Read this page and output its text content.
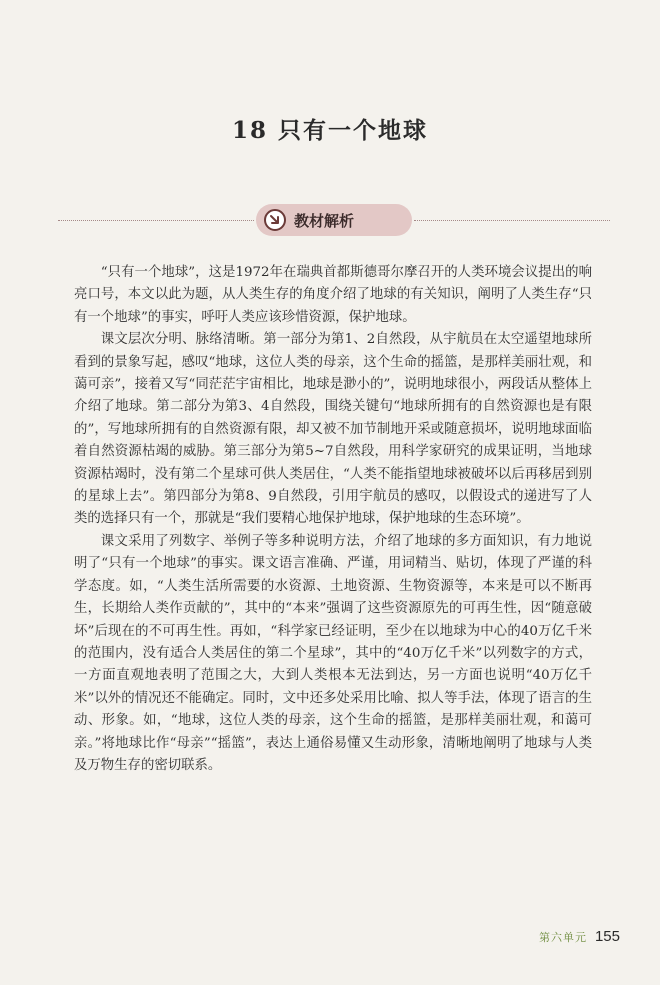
18 只有一个地球
教材解析

“只有一个地球”，这是1972年在瑞典首都斯德哥尔摩召开的人类环境会议提出的响亮口号，本文以此为题，从人类生存的角度介绍了地球的有关知识，阐明了人类生存“只有一个地球”的事实，呼吁人类应该珍惜资源，保护地球。

课文层次分明、脉络清晰。第一部分为第1、2自然段，从宇航员在太空遥望地球所看到的景象写起，感叹“地球，这位人类的母亲，这个生命的摇篮，是那样美丽壮观，和蔼可亲”，接着又写“同茫茫宇宙相比，地球是渺小的”，说明地球很小，两段话从整体上介绍了地球。第二部分为第3、4自然段，围绕关键句“地球所拥有的自然资源也是有限的”，写地球所拥有的自然资源有限，却又被不加节制地开采或随意损坏，说明地球面临着自然资源枯竭的威胁。第三部分为第5~7自然段，用科学家研究的成果证明，当地球资源枯竭时，没有第二个星球可供人类居住，“人类不能指望地球被破坏以后再移居到别的星球上去”。第四部分为第8、9自然段，引用宇航员的感叹，以假设式的递进写了人类的选择只有一个，那就是“我们要精心地保护地球，保护地球的生态环境”。

课文采用了列数字、举例子等多种说明方法，介绍了地球的多方面知识，有力地说明了“只有一个地球”的事实。课文语言准确、严谨，用词精当、贴切，体现了严谨的科学态度。如，“人类生活所需要的水资源、土地资源、生物资源等，本来是可以不断再生，长期给人类作贡献的”，其中的“本来”强调了这些资源原先的可再生性，因“随意破坏”后现在的不可再生性。再如，“科学家已经证明，至少在以地球为中心的40万亿千米的范围内，没有适合人类居住的第二个星球”，其中的“40万亿千米”以列数字的方式，一方面直观地表明了范围之大，大到人类根本无法到达，另一方面也说明“40万亿千米”以外的情况还不能确定。同时，文中还多处采用比喻、拟人等手法，体现了语言的生动、形象。如，“地球，这位人类的母亲，这个生命的摇篮，是那样美丽壮观，和蔼可亲。”将地球比作“母亲”“摇篮”，表达上通俗易懂又生动形象，清晰地阐明了地球与人类及万物生存的密切联系。

第六单元 155
